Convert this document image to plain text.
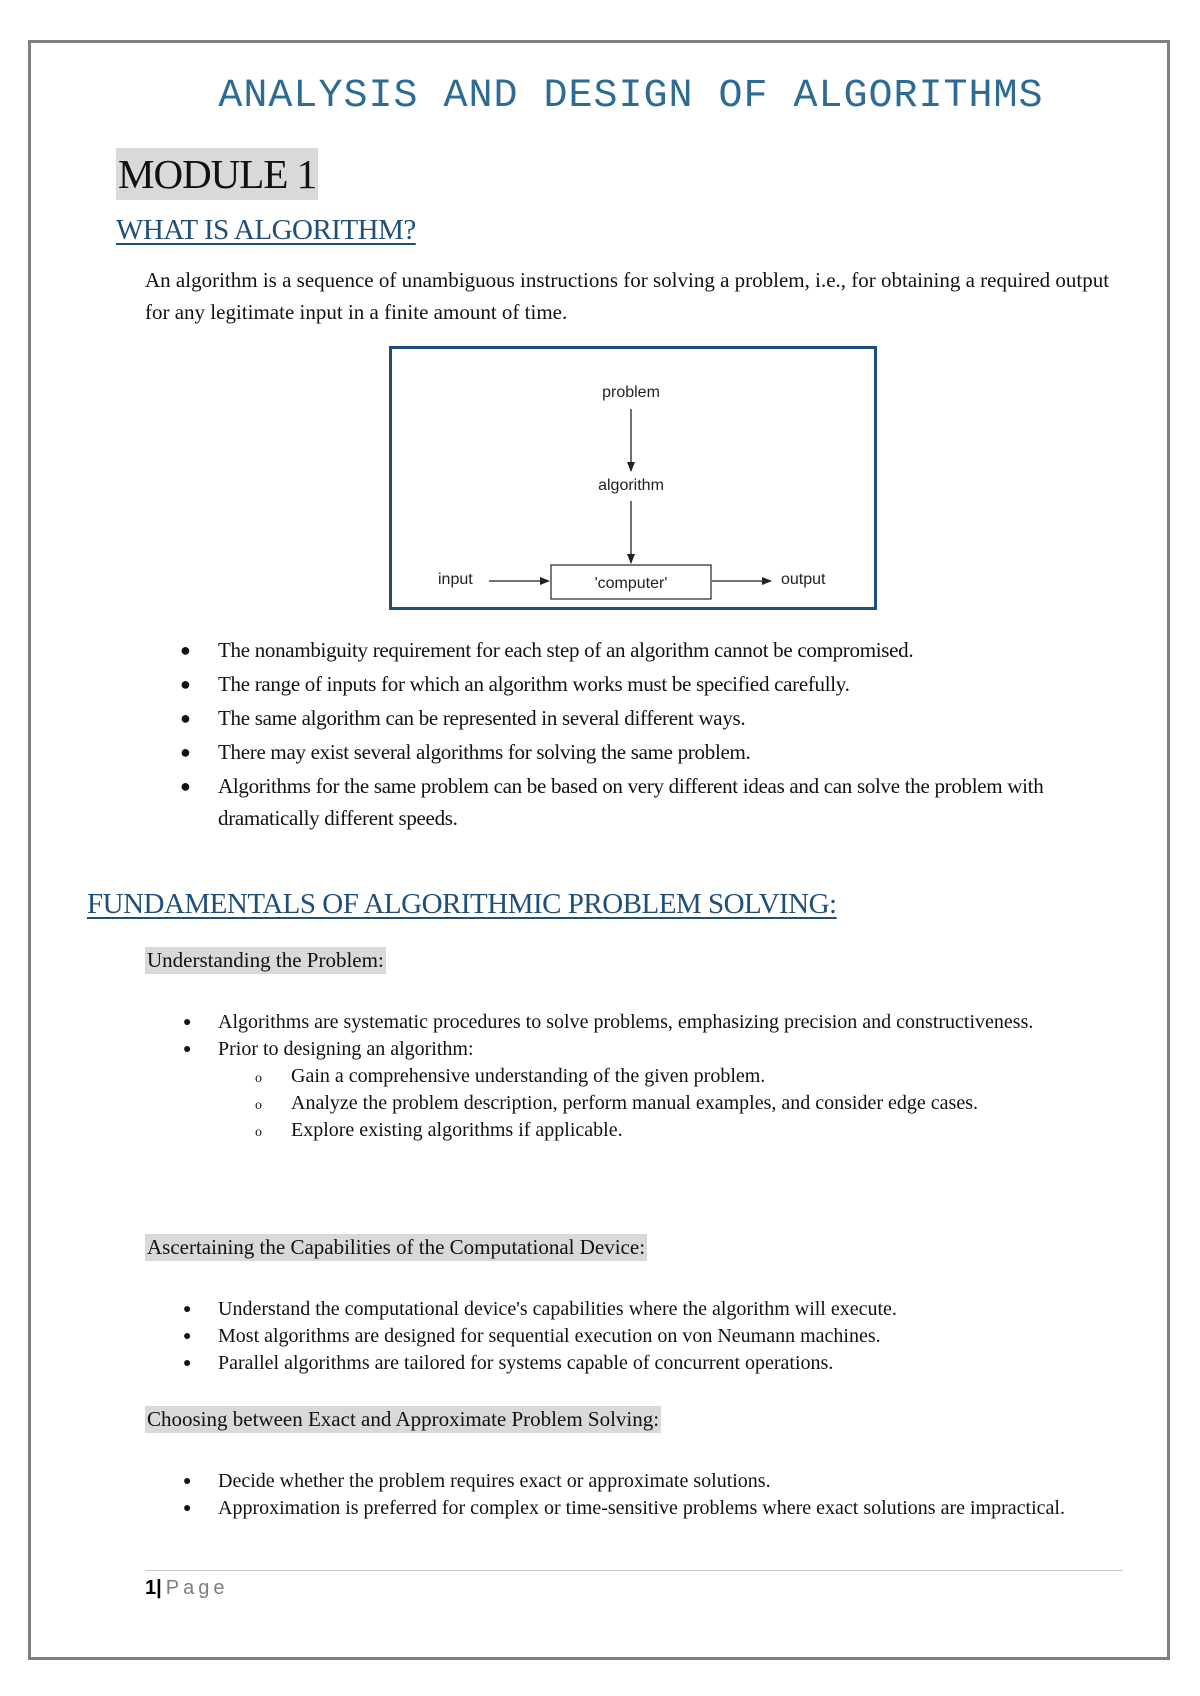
ANALYSIS AND DESIGN OF ALGORITHMS
MODULE 1
WHAT IS ALGORITHM?

An algorithm is a sequence of unambiguous instructions for solving a problem, i.e., for obtaining a required output for any legitimate input in a finite amount of time.

problem
algorithm
'computer'
input	output
● The nonambiguity requirement for each step of an algorithm cannot be compromised.
● The range of inputs for which an algorithm works must be specified carefully.
● The same algorithm can be represented in several different ways.
● There may exist several algorithms for solving the same problem.
● Algorithms for the same problem can be based on very different ideas and can solve the problem with dramatically different speeds.
FUNDAMENTALS OF ALGORITHMIC PROBLEM SOLVING:
Understanding the Problem:
● Algorithms are systematic procedures to solve problems, emphasizing precision and constructiveness.
● Prior to designing an algorithm:
o Gain a comprehensive understanding of the given problem.
o Analyze the problem description, perform manual examples, and consider edge cases.
o Explore existing algorithms if applicable.
Ascertaining the Capabilities of the Computational Device:
● Understand the computational device's capabilities where the algorithm will execute.
● Most algorithms are designed for sequential execution on von Neumann machines.
● Parallel algorithms are tailored for systems capable of concurrent operations.
Choosing between Exact and Approximate Problem Solving:
● Decide whether the problem requires exact or approximate solutions.
● Approximation is preferred for complex or time-sensitive problems where exact solutions are impractical.
1| Page
